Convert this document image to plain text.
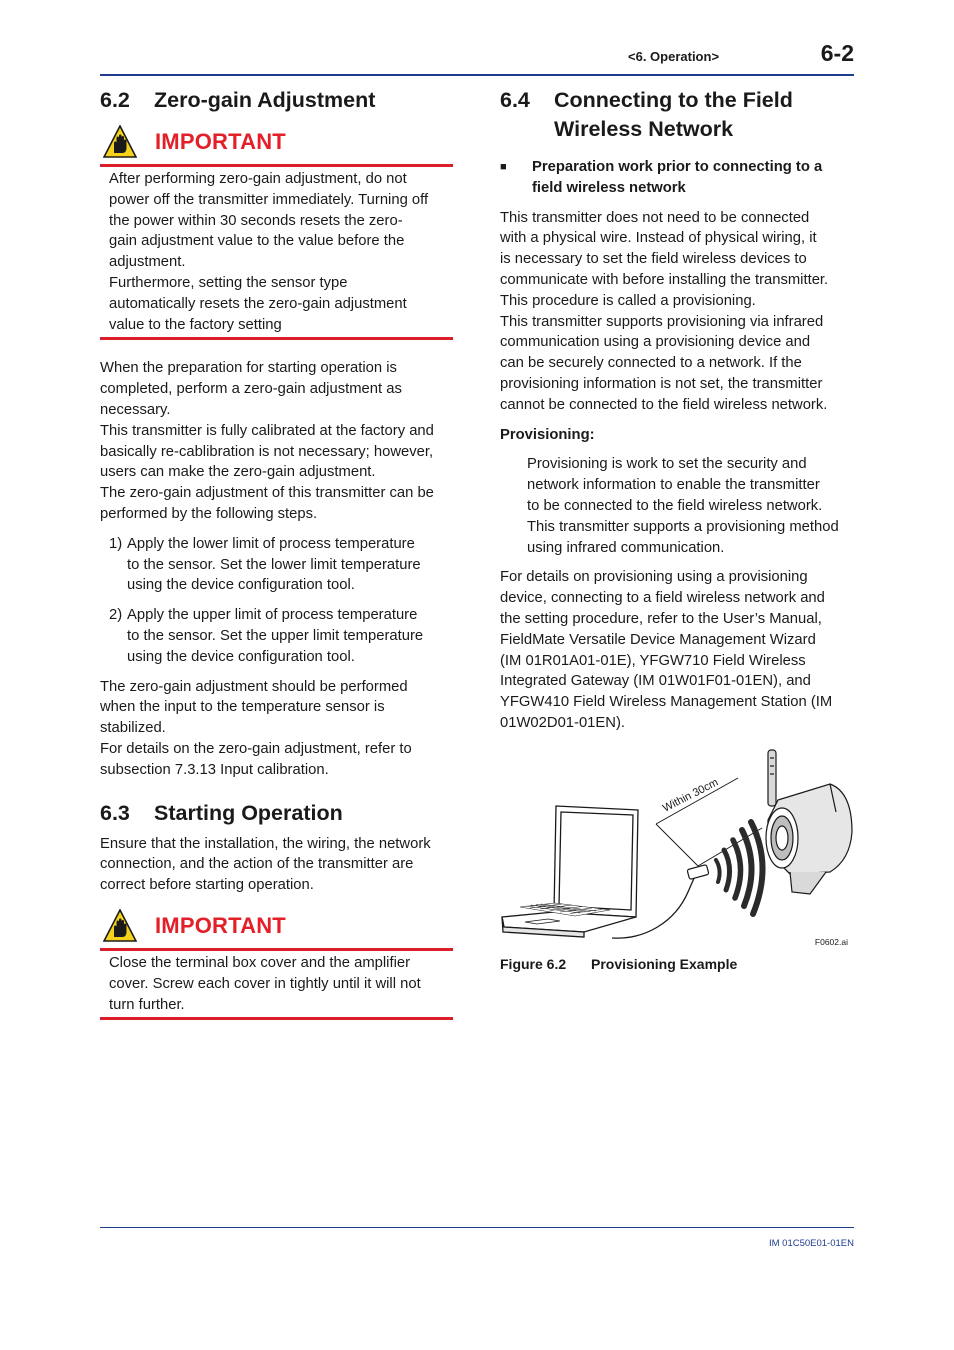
<6. Operation>	6-2
6.2	Zero-gain Adjustment
IMPORTANT

After performing zero-gain adjustment, do not

power off the transmitter immediately. Turning off

the power within 30 seconds resets the zero-

gain adjustment value to the value before the

adjustment.

Furthermore, setting the sensor type

automatically resets the zero-gain adjustment

value to the factory setting

When the preparation for starting operation is

completed, perform a zero-gain adjustment as

necessary.

This transmitter is fully calibrated at the factory and

basically re-cablibration is not necessary; however,

users can make the zero-gain adjustment.

The zero-gain adjustment of this transmitter can be

performed by the following steps.

1) Apply the lower limit of process temperature

to the sensor. Set the lower limit temperature

using the device configuration tool.

2) Apply the upper limit of process temperature

to the sensor. Set the upper limit temperature

using the device configuration tool.

The zero-gain adjustment should be performed

when the input to the temperature sensor is

stabilized.

For details on the zero-gain adjustment, refer to

subsection 7.3.13 Input calibration.

6.3	Starting Operation

Ensure that the installation, the wiring, the network

connection, and the action of the transmitter are

correct before starting operation.

IMPORTANT

Close the terminal box cover and the amplifier

cover. Screw each cover in tightly until it will not

turn further.

6.4	Connecting to the Field
Wireless Network
■	Preparation work prior to connecting to a

field wireless network

This transmitter does not need to be connected

with a physical wire. Instead of physical wiring, it

is necessary to set the field wireless devices to

communicate with before installing the transmitter.

This procedure is called a provisioning.

This transmitter supports provisioning via infrared

communication using a provisioning device and

can be securely connected to a network. If the

provisioning information is not set, the transmitter

cannot be connected to the field wireless network.

Provisioning:

Provisioning is work to set the security and

network information to enable the transmitter

to be connected to the field wireless network.

This transmitter supports a provisioning method

using infrared communication.

For details on provisioning using a provisioning

device, connecting to a field wireless network and

the setting procedure, refer to the User’s Manual,

FieldMate Versatile Device Management Wizard

(IM 01R01A01-01E), YFGW710 Field Wireless

Integrated Gateway (IM 01W01F01-01EN), and

YFGW410 Field Wireless Management Station (IM

01W02D01-01EN).

Within 30cm
F0602.ai
Figure 6.2	Provisioning Example
IM 01C50E01-01EN
